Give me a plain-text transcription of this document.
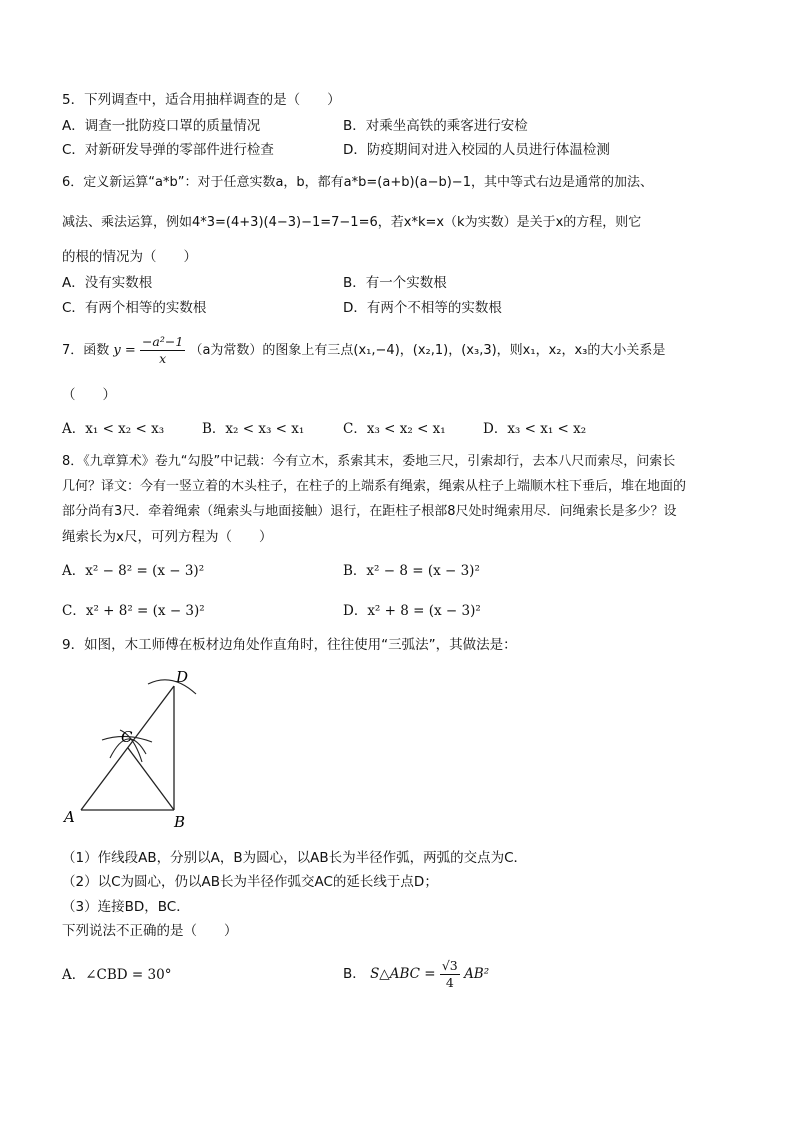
5．下列调查中，适合用抽样调查的是（　　）
A．调查一批防疫口罩的质量情况	B．对乘坐高铁的乘客进行安检
C．对新研发导弹的零部件进行检查	D．防疫期间对进入校园的人员进行体温检测
6．定义新运算“a*b”：对于任意实数a，b，都有a*b=(a+b)(a−b)−1，其中等式右边是通常的加法、
减法、乘法运算，例如4*3=(4+3)(4−3)−1=7−1=6，若x*k=x（k为实数）是关于x的方程，则它
的根的情况为（　　）
A．没有实数根	B．有一个实数根
C．有两个相等的实数根	D．有两个不相等的实数根
7．函数 $y = \frac{\text{−a²−1}}{x} (a$为常数）的图象上有三点(x₁,−4)，(x₂,1)，(x₃,3)，则x₁，x₂，x₃的大小关系是
（　　）
A．x₁ < x₂ < x₃	B．x₂ < x₃ < x₁	C．x₃ < x₂ < x₁	D．x₃ < x₁ < x₂
8．《九章算术》卷九“勾股”中记载：今有立木，系索其末，委地三尺，引索却行，去本八尺而索尽，问索长
几何？译文：今有一竖立着的木头柱子，在柱子的上端系有绳索，绳索从柱子上端顺木柱下垂后，堆在地面的
部分尚有3尺．牵着绳索（绳索头与地面接触）退行，在距柱子根部8尺处时绳索用尽．问绳索长是多少？设
绳索长为x尺，可列方程为（　　）
A．x² − 8² = (x − 3)²	B．x² − 8 = (x − 3)²
C．x² + 8² = (x − 3)²	D．x² + 8 = (x − 3)²
9．如图，木工师傅在板材边角处作直角时，往往使用“三弧法”，其做法是：
A	B
C
D
（1）作线段AB，分别以A，B为圆心，以AB长为半径作弧，两弧的交点为C．
（2）以C为圆心，仍以AB长为半径作弧交AC的延长线于点D；
（3）连接BD，BC．
下列说法不正确的是（　　）
A．∠CBD = 30°	B． S△ABC = $\frac{√3}{4} AB^2$
